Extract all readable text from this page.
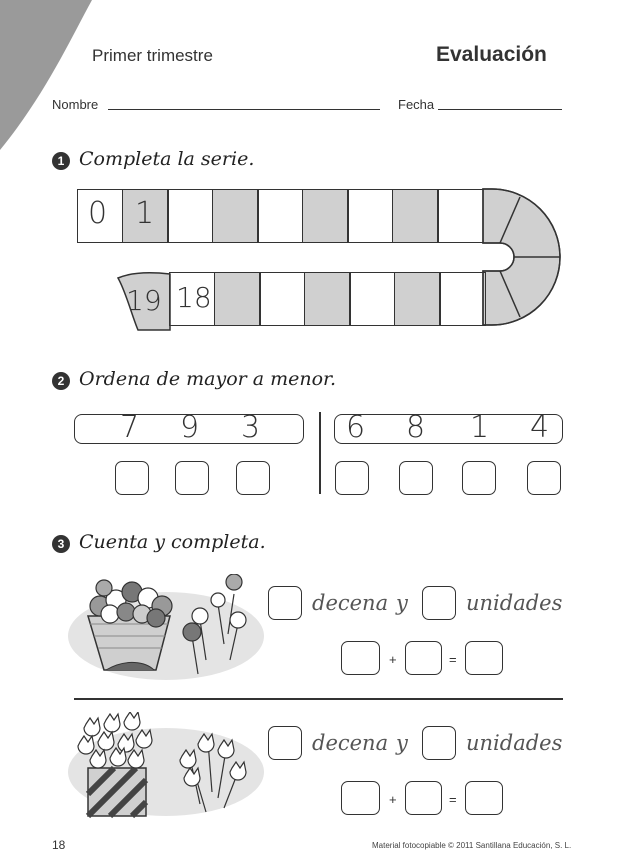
Primer trimestre	Evaluación
Nombre	Fecha
1 Completa la serie.
0 1
19 18
2 Ordena de mayor a menor.
7 9 3	6 8 1 4
3 Cuenta y completa.
decena y	unidades
+	=
decena y	unidades
+	=
18	Material fotocopiable © 2011 Santillana Educación, S. L.
